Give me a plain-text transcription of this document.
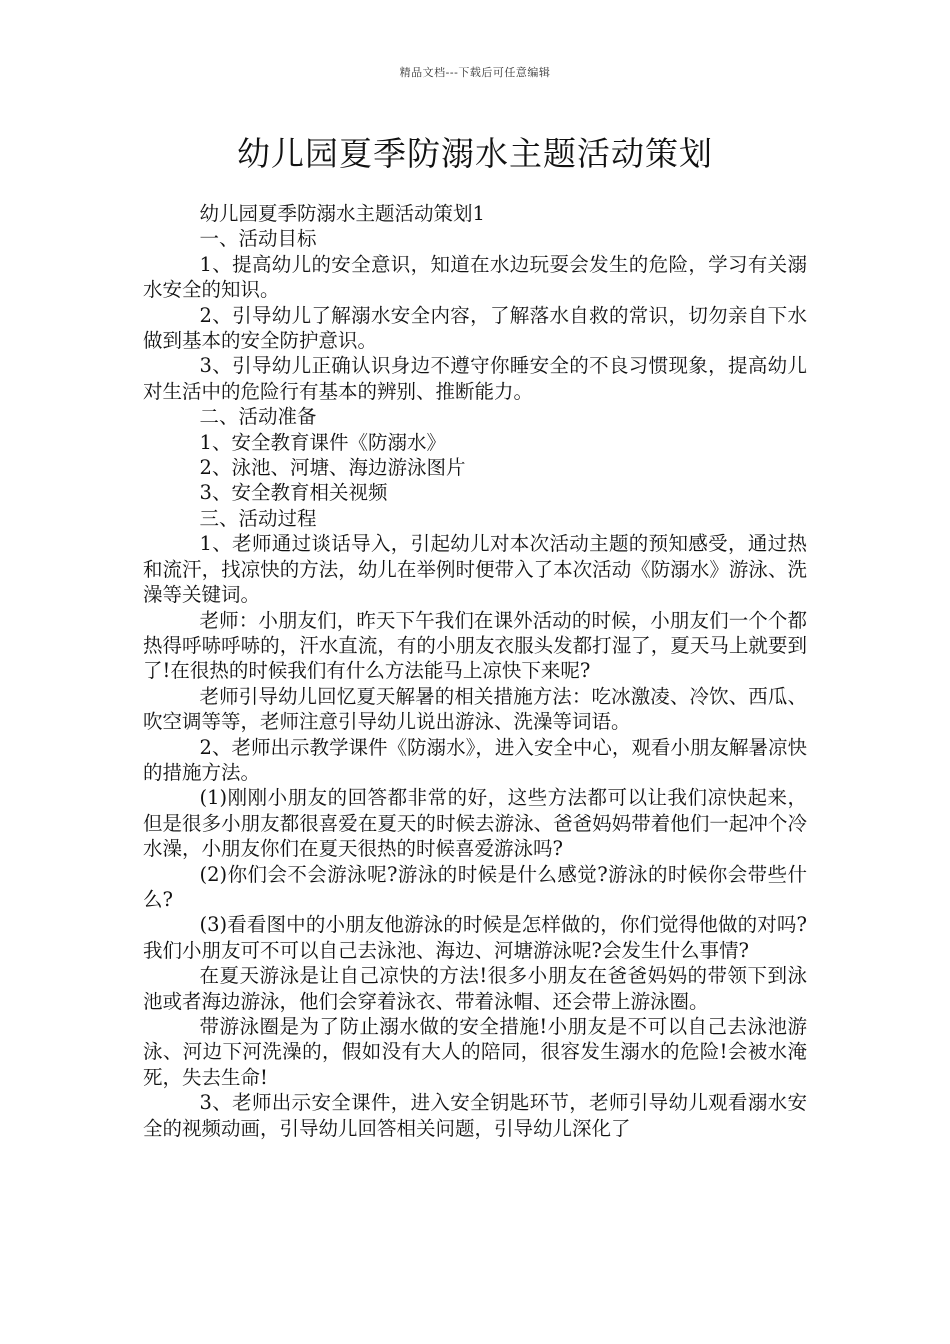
精品文档---下载后可任意编辑
幼儿园夏季防溺水主题活动策划

幼儿园夏季防溺水主题活动策划1

一、活动目标

1、提高幼儿的安全意识，知道在水边玩耍会发生的危险，学习有关溺水安全的知识。

2、引导幼儿了解溺水安全内容，了解落水自救的常识，切勿亲自下水做到基本的安全防护意识。

3、引导幼儿正确认识身边不遵守你睡安全的不良习惯现象，提高幼儿对生活中的危险行有基本的辨别、推断能力。

二、活动准备

1、安全教育课件《防溺水》

2、泳池、河塘、海边游泳图片

3、安全教育相关视频

三、活动过程

1、老师通过谈话导入，引起幼儿对本次活动主题的预知感受，通过热和流汗，找凉快的方法，幼儿在举例时便带入了本次活动《防溺水》游泳、洗澡等关键词。

老师：小朋友们，昨天下午我们在课外活动的时候，小朋友们一个个都热得呼哧呼哧的，汗水直流，有的小朋友衣服头发都打湿了，夏天马上就要到了!在很热的时候我们有什么方法能马上凉快下来呢?

老师引导幼儿回忆夏天解暑的相关措施方法：吃冰激凌、冷饮、西瓜、吹空调等等，老师注意引导幼儿说出游泳、洗澡等词语。

2、老师出示教学课件《防溺水》，进入安全中心，观看小朋友解暑凉快的措施方法。

(1)刚刚小朋友的回答都非常的好，这些方法都可以让我们凉快起来，但是很多小朋友都很喜爱在夏天的时候去游泳、爸爸妈妈带着他们一起冲个冷水澡，小朋友你们在夏天很热的时候喜爱游泳吗?

(2)你们会不会游泳呢?游泳的时候是什么感觉?游泳的时候你会带些什么?

(3)看看图中的小朋友他游泳的时候是怎样做的，你们觉得他做的对吗?我们小朋友可不可以自己去泳池、海边、河塘游泳呢?会发生什么事情?

在夏天游泳是让自己凉快的方法!很多小朋友在爸爸妈妈的带领下到泳池或者海边游泳，他们会穿着泳衣、带着泳帽、还会带上游泳圈。

带游泳圈是为了防止溺水做的安全措施!小朋友是不可以自己去泳池游泳、河边下河洗澡的，假如没有大人的陪同，很容发生溺水的危险!会被水淹死，失去生命!

3、老师出示安全课件，进入安全钥匙环节，老师引导幼儿观看溺水安全的视频动画，引导幼儿回答相关问题，引导幼儿深化了
